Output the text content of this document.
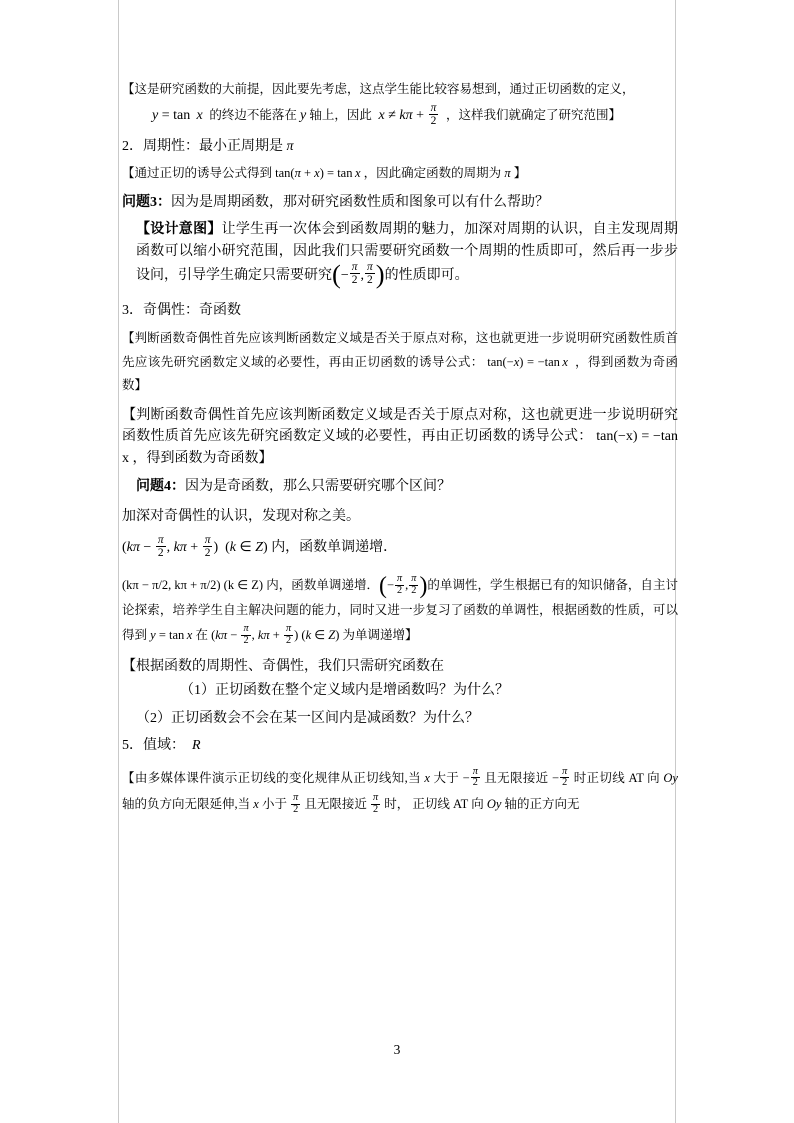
【这是研究函数的大前提，因此要先考虑，这点学生能比较容易想到，通过正切函数的定义，

y = tan  x  的终边不能落在 y 轴上，因此  $x \ne k\pi + \frac{\pi}{2}$ ，这样我们就确定了研究范围】

2．周期性：最小正周期是 π

【通过正切的诱导公式得到 tan(π + x) = tan x ，因此确定函数的周期为 π 】

问题3：因为是周期函数，那对研究函数性质和图象可以有什么帮助？

【设计意图】让学生再一次体会到函数周期的魅力，加深对周期的认识，自主发现周期函数可以缩小研究范围，因此我们只需要研究函数一个周期的性质即可，然后再一步步设问，引导学生确定只需要研究(− $\frac{\pi}{2}$ , $\frac{\pi}{2}$ )的性质即可。

3．奇偶性：奇函数

【判断函数奇偶性首先应该判断函数定义域是否关于原点对称，这也就更进一步说明研究函数性质首先应该先研究函数定义域的必要性，再由正切函数的诱导公式： tan(−x) = −tan x  ，得到函数为奇函数】

【判断函数奇偶性首先应该判断函数定义域是否关于原点对称，这也就更进一步说明研究函数性质首先应该先研究函数定义域的必要性，再由正切函数的诱导公式： tan(−x) = −tan x ，得到函数为奇函数】

问题4：因为是奇函数，那么只需要研究哪个区间？

加深对奇偶性的认识，发现对称之美。

($k\pi - \frac{\pi}{2}$ , $k\pi + \frac{\pi}{2}$ )  (k ∈ Z) 内，函数单调递增．

(kπ − π/2, kπ + π/2) (k ∈ Z) 内，函数单调递增．(− $\frac{\pi}{2}$ , $\frac{\pi}{2}$ )的单调性，学生根据已有的知识储备，自主讨论探索，培养学生自主解决问题的能力，同时又进一步复习了函数的单调性，根据函数的性质，可以得到 y = tan x 在 ($k\pi - \frac{\pi}{2}$ , $k\pi + \frac{\pi}{2}$ ) (k ∈ Z) 为单调递增】

【根据函数的周期性、奇偶性，我们只需研究函数在

（1）正切函数在整个定义域内是增函数吗？为什么？

（2）正切函数会不会在某一区间内是减函数？为什么？

5．值域：  R

【由多媒体课件演示正切线的变化规律从正切线知,当 x 大于 − $\frac{\pi}{2}$ 且无限接近 − $\frac{\pi}{2}$ 时正切线 AT 向 Oy 轴的负方向无限延伸,当 x 小于 $\frac{\pi}{2}$ 且无限接近 $\frac{\pi}{2}$ 时， 正切线 AT 向 Oy 轴的正方向无

3
